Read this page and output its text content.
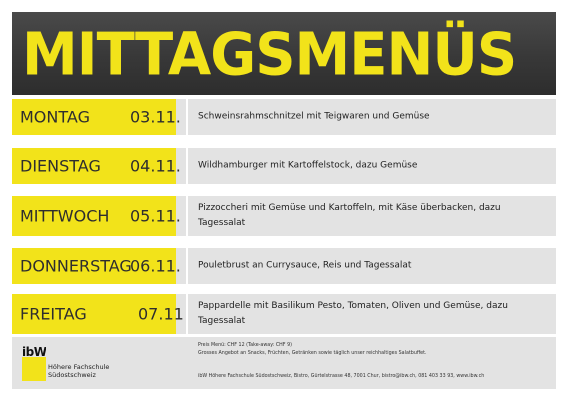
MITTAGSMENÜS
MONTAG	03.11. Schweinsrahmschnitzel mit Teigwaren und Gemüse
DIENSTAG 04.11. Wildhamburger mit Kartoffelstock, dazu Gemüse
MITTWOCH 05.11. Pizzoccheri mit Gemüse und Kartoffeln, mit Käse überbacken, dazu Tagessalat
DONNERSTAG
06.11. Pouletbrust an Currysauce, Reis und Tagessalat
FREITAG	07.11 Pappardelle mit Basilikum Pesto, Tomaten, Oliven und Gemüse, dazu Tagessalat
ibW
Höhere Fachschule
Südostschweiz
Preis Menü: CHF 12 (Take-away: CHF 9)
Grosses Angebot an Snacks, Früchten, Getränken sowie täglich unser reichhaltiges Salatbuffet.
ibW Höhere Fachschule Südostschweiz, Bistro, Gürtelstrasse 48, 7001 Chur, bistro@ibw.ch, 081 403 33 93, www.ibw.ch
